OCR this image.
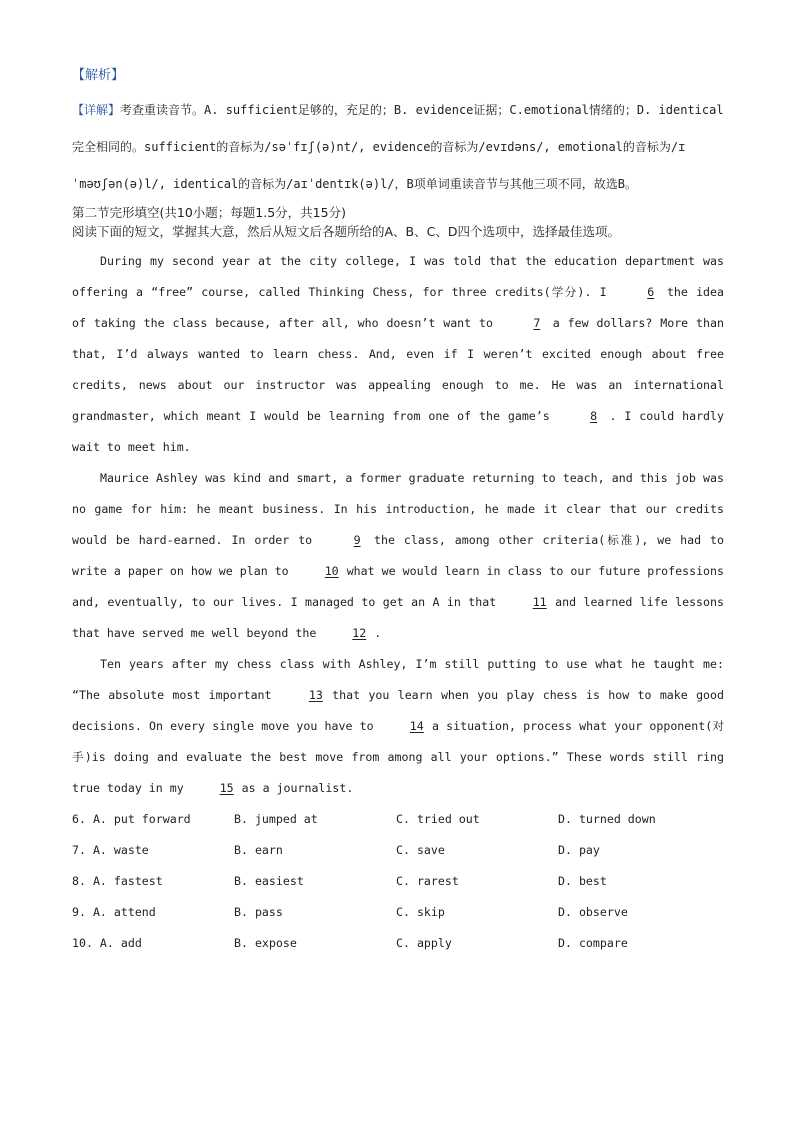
【解析】
【详解】考查重读音节。A. sufficient足够的，充足的；B. evidence证据；C.emotional情绪的；D. identical完全相同的。sufficient的音标为/səˈfɪʃ(ə)nt/, evidence的音标为/evɪdəns/, emotional的音标为/ɪˈməʊʃən(ə)l/, identical的音标为/aɪˈdentɪk(ə)l/，B项单词重读音节与其他三项不同，故选B。
第二节完形填空(共10小题；每题1.5分，共15分)
阅读下面的短文，掌握其大意，然后从短文后各题所给的A、B、C、D四个选项中，选择最佳选项。

During my second year at the city college, I was told that the education department was offering a “free” course, called Thinking Chess, for three credits(学分). I	6 the idea of taking the class because, after all, who doesn’t want to	7 a few dollars? More than that, I’d always wanted to learn chess. And, even if I weren’t excited enough about free credits, news about our instructor was appealing enough to me. He was an international grandmaster, which meant I would be learning from one of the game’s	8 . I could hardly wait to meet him.

Maurice Ashley was kind and smart, a former graduate returning to teach, and this job was no game for him: he meant business. In his introduction, he made it clear that our credits would be hard-earned. In order to	9 the class, among other criteria(标准), we had to write a paper on how we plan to	10 what we would learn in class to our future professions and, eventually, to our lives. I managed to get an A in that	11 and learned life lessons that have served me well beyond the	12 .

Ten years after my chess class with Ashley, I’m still putting to use what he taught me: “The absolute most important	13 that you learn when you play chess is how to make good decisions. On every single move you have to	14 a situation, process what your opponent(对手)is doing and evaluate the best move from among all your options.” These words still ring true today in my	15 as a journalist.

6. A. put forward	B. jumped at	C. tried out	D. turned down
7. A. waste	B. earn	C. save	D. pay
8. A. fastest	B. easiest	C. rarest	D. best
9. A. attend	B. pass	C. skip	D. observe
10. A. add	B. expose	C. apply	D. compare
